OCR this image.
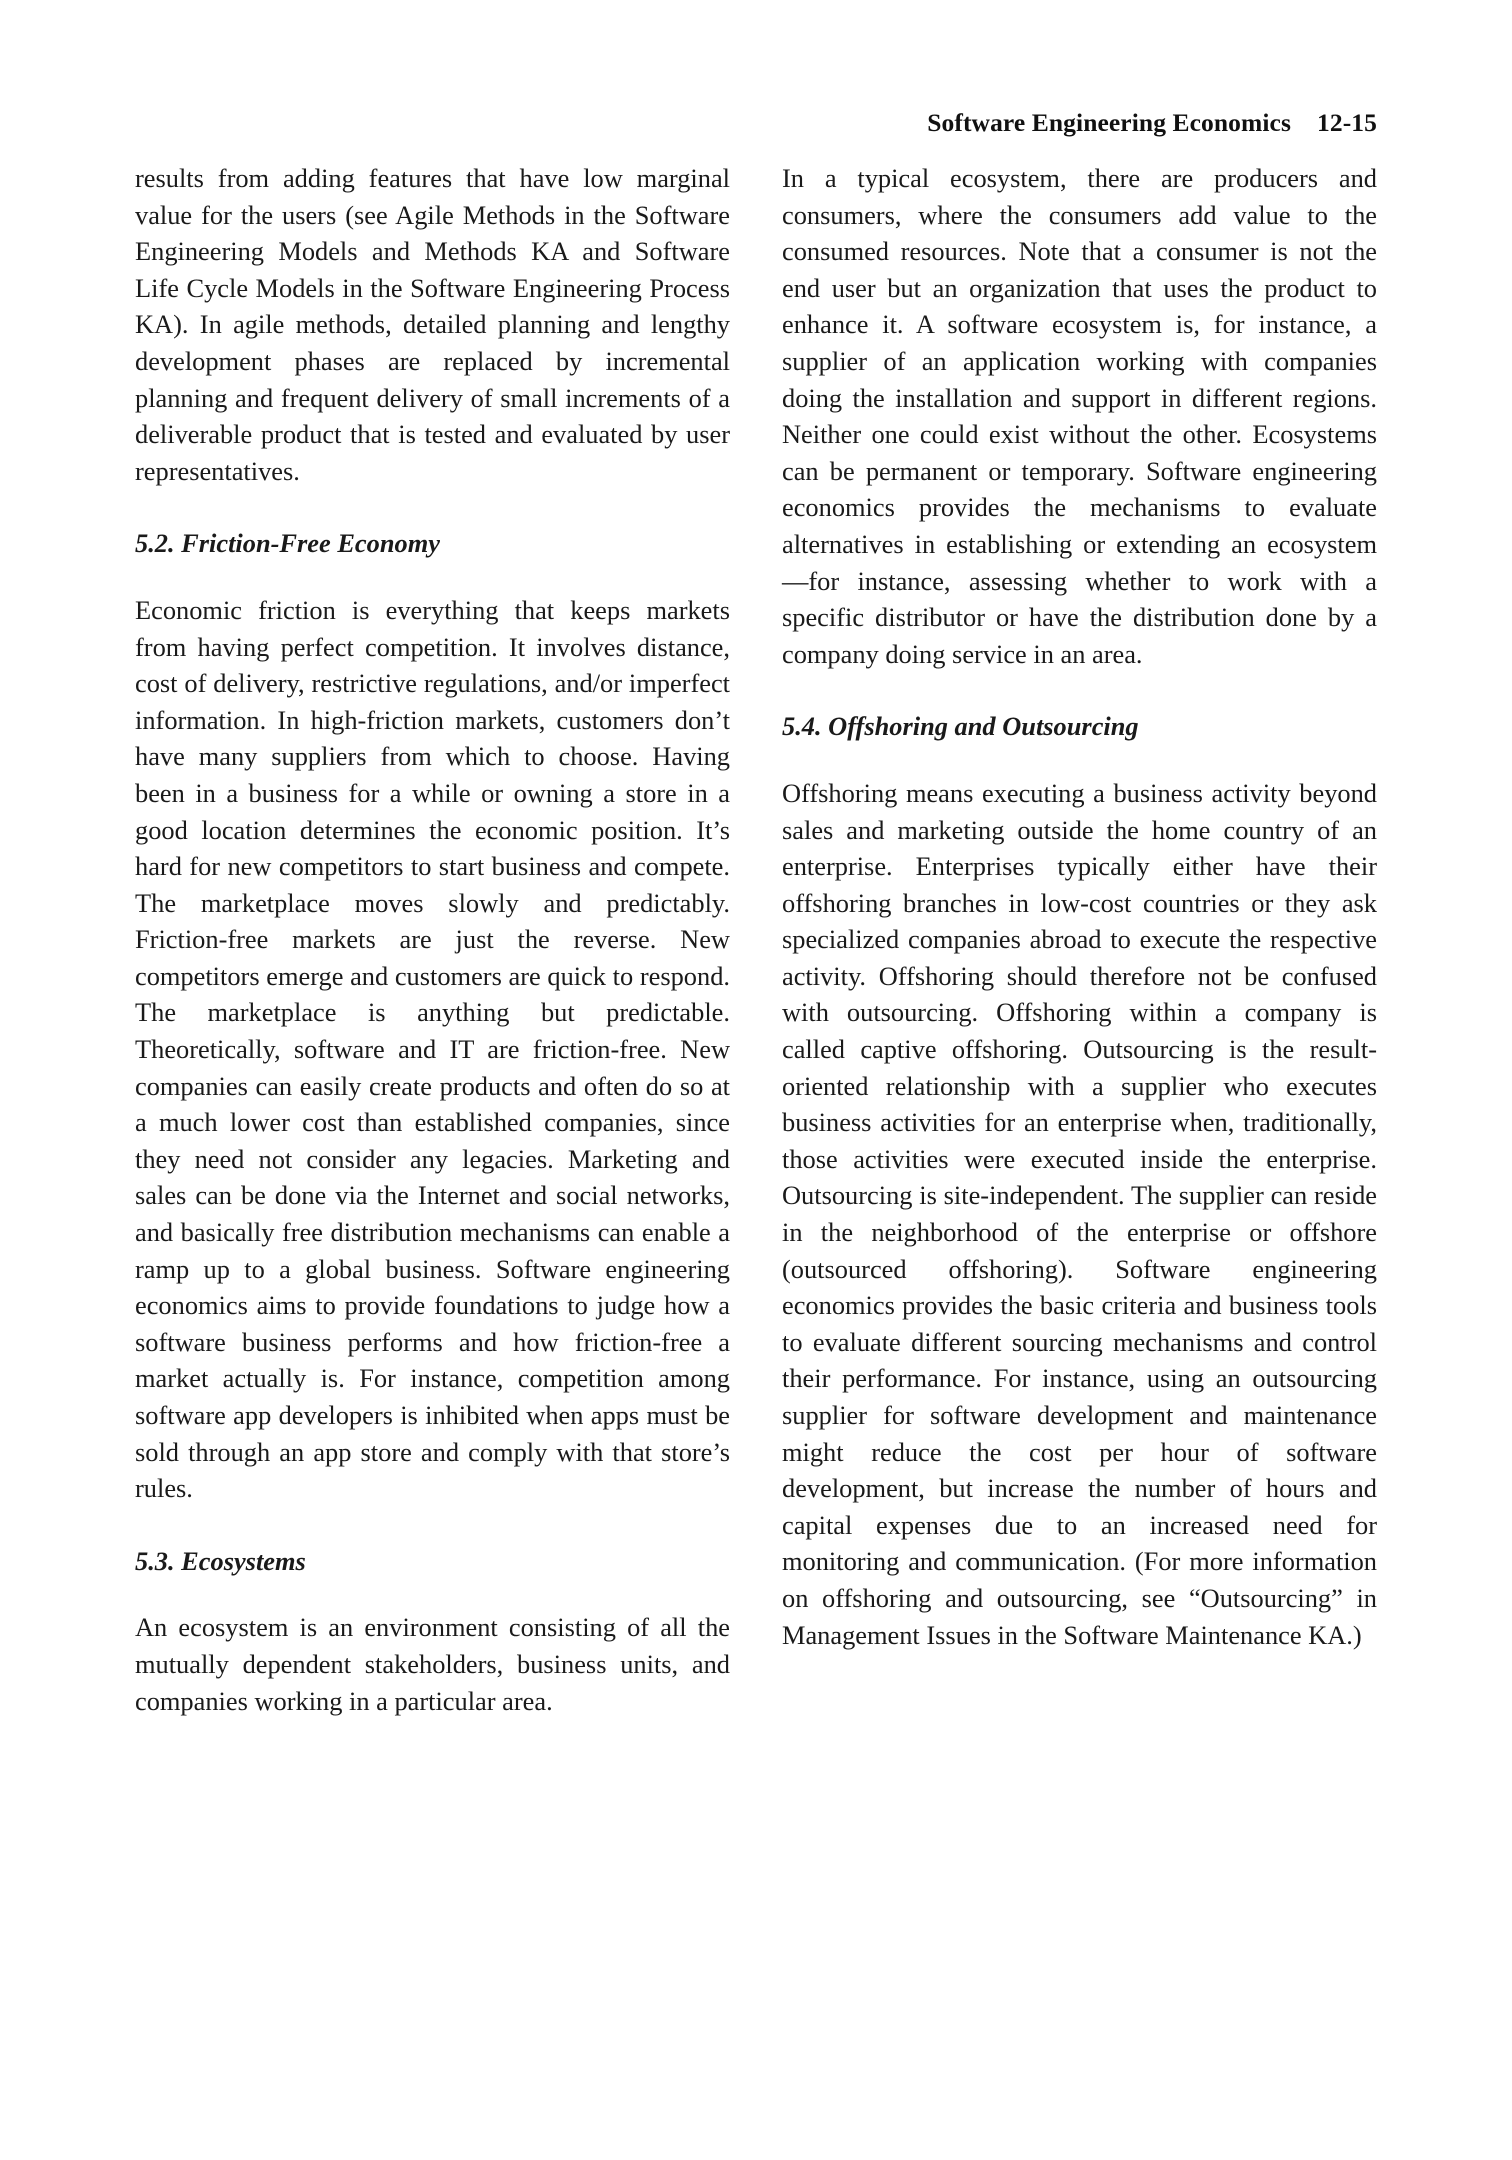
Software Engineering Economics 12-15

results from adding features that have low marginal value for the users (see Agile Methods in the Software Engineering Models and Methods KA and Software Life Cycle Models in the Software Engineering Process KA). In agile methods, detailed planning and lengthy development phases are replaced by incremental planning and frequent delivery of small increments of a deliverable product that is tested and evaluated by user representatives.

5.2. Friction-Free Economy

Economic friction is everything that keeps markets from having perfect competition. It involves distance, cost of delivery, restrictive regulations, and/or imperfect information. In high-friction markets, customers don’t have many suppliers from which to choose. Having been in a business for a while or owning a store in a good location determines the economic position. It’s hard for new competitors to start business and compete. The marketplace moves slowly and predictably. Friction-free markets are just the reverse. New competitors emerge and customers are quick to respond. The marketplace is anything but predictable. Theoretically, software and IT are friction-free. New companies can easily create products and often do so at a much lower cost than established companies, since they need not consider any legacies. Marketing and sales can be done via the Internet and social networks, and basically free distribution mechanisms can enable a ramp up to a global business. Software engineering economics aims to provide foundations to judge how a software business performs and how friction-free a market actually is. For instance, competition among software app developers is inhibited when apps must be sold through an app store and comply with that store’s rules.

5.3. Ecosystems

An ecosystem is an environment consisting of all the mutually dependent stakeholders, business units, and companies working in a particular area.

In a typical ecosystem, there are producers and consumers, where the consumers add value to the consumed resources. Note that a consumer is not the end user but an organization that uses the product to enhance it. A software ecosystem is, for instance, a supplier of an application working with companies doing the installation and support in different regions. Neither one could exist without the other. Ecosystems can be permanent or temporary. Software engineering economics provides the mechanisms to evaluate alternatives in establishing or extending an ecosystem—for instance, assessing whether to work with a specific distributor or have the distribution done by a company doing service in an area.

5.4. Offshoring and Outsourcing

Offshoring means executing a business activity beyond sales and marketing outside the home country of an enterprise. Enterprises typically either have their offshoring branches in low-cost countries or they ask specialized companies abroad to execute the respective activity. Offshoring should therefore not be confused with outsourcing. Offshoring within a company is called captive offshoring. Outsourcing is the result-oriented relationship with a supplier who executes business activities for an enterprise when, traditionally, those activities were executed inside the enterprise. Outsourcing is site-independent. The supplier can reside in the neighborhood of the enterprise or offshore (outsourced offshoring). Software engineering economics provides the basic criteria and business tools to evaluate different sourcing mechanisms and control their performance. For instance, using an outsourcing supplier for software development and maintenance might reduce the cost per hour of software development, but increase the number of hours and capital expenses due to an increased need for monitoring and communication. (For more information on offshoring and outsourcing, see “Outsourcing” in Management Issues in the Software Maintenance KA.)
